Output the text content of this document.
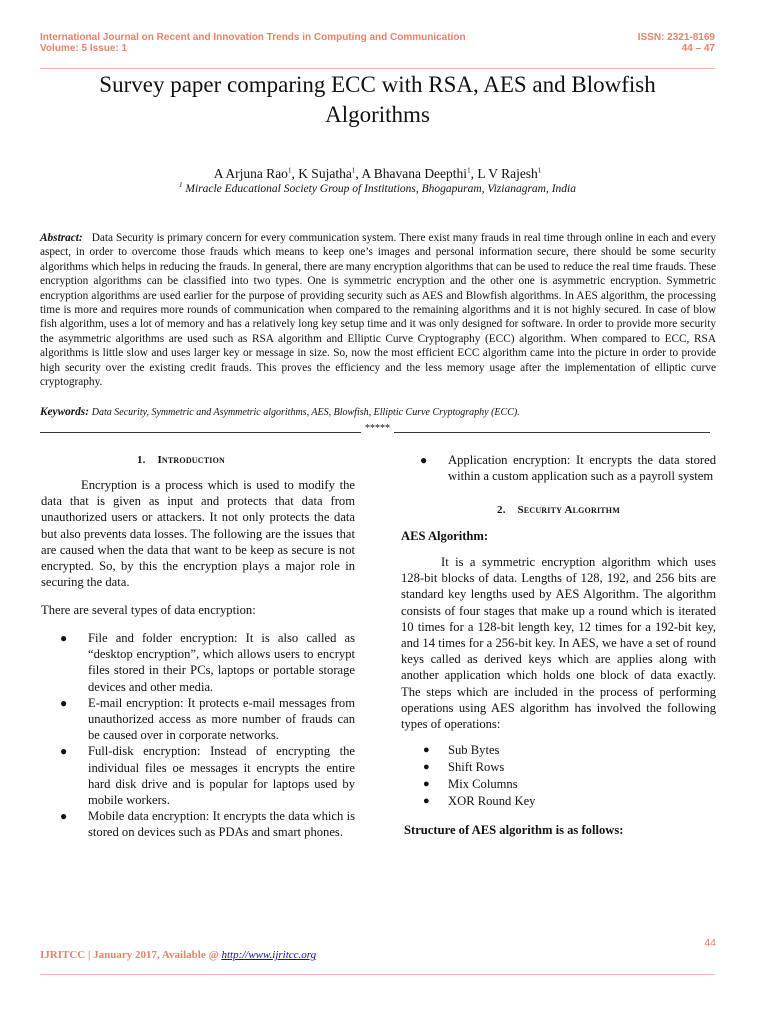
International Journal on Recent and Innovation Trends in Computing and Communication
Volume: 5 Issue: 1
ISSN: 2321-8169
44 – 47
Survey paper comparing ECC with RSA, AES and Blowfish
Algorithms
A Arjuna Rao$^1$, K Sujatha$^1$, A Bhavana Deepthi$^1$, L V Rajesh$^1$
$^1$ Miracle Educational Society Group of Institutions, Bhogapuram, Vizianagram, India
Abstract: Data Security is primary concern for every communication system. There exist many frauds in real time through online in each and every aspect, in order to overcome those frauds which means to keep one’s images and personal information secure, there should be some security algorithms which helps in reducing the frauds. In general, there are many encryption algorithms that can be used to reduce the real time frauds. These encryption algorithms can be classified into two types. One is symmetric encryption and the other one is asymmetric encryption. Symmetric encryption algorithms are used earlier for the purpose of providing security such as AES and Blowfish algorithms. In AES algorithm, the processing time is more and requires more rounds of communication when compared to the remaining algorithms and it is not highly secured. In case of blow fish algorithm, uses a lot of memory and has a relatively long key setup time and it was only designed for software. In order to provide more security the asymmetric algorithms are used such as RSA algorithm and Elliptic Curve Cryptography (ECC) algorithm. When compared to ECC, RSA algorithms is little slow and uses larger key or message in size. So, now the most efficient ECC algorithm came into the picture in order to provide high security over the existing credit frauds. This proves the efficiency and the less memory usage after the implementation of elliptic curve cryptography.
Keywords: Data Security, Symmetric and Asymmetric algorithms, AES, Blowfish, Elliptic Curve Cryptography (ECC).
*****
1. Introduction
Encryption is a process which is used to modify the data that is given as input and protects that data from unauthorized users or attackers. It not only protects the data but also prevents data losses. The following are the issues that are caused when the data that want to be keep as secure is not encrypted. So, by this the encryption plays a major role in securing the data.
There are several types of data encryption:
● File and folder encryption: It is also called as “desktop encryption”, which allows users to encrypt files stored in their PCs, laptops or portable storage devices and other media.
● E-mail encryption: It protects e-mail messages from unauthorized access as more number of frauds can be caused over in corporate networks.
● Full-disk encryption: Instead of encrypting the individual files oe messages it encrypts the entire hard disk drive and is popular for laptops used by mobile workers.
● Mobile data encryption: It encrypts the data which is stored on devices such as PDAs and smart phones.
● Application encryption: It encrypts the data stored within a custom application such as a payroll system
2. Security Algorithm
AES Algorithm:
It is a symmetric encryption algorithm which uses 128-bit blocks of data. Lengths of 128, 192, and 256 bits are standard key lengths used by AES Algorithm. The algorithm consists of four stages that make up a round which is iterated 10 times for a 128-bit length key, 12 times for a 192-bit key, and 14 times for a 256-bit key. In AES, we have a set of round keys called as derived keys which are applies along with another application which holds one block of data exactly. The steps which are included in the process of performing operations using AES algorithm has involved the following types of operations:
● Sub Bytes
● Shift Rows
● Mix Columns
● XOR Round Key
Structure of AES algorithm is as follows:
44
IJRITCC | January 2017, Available @ http://www.ijritcc.org
